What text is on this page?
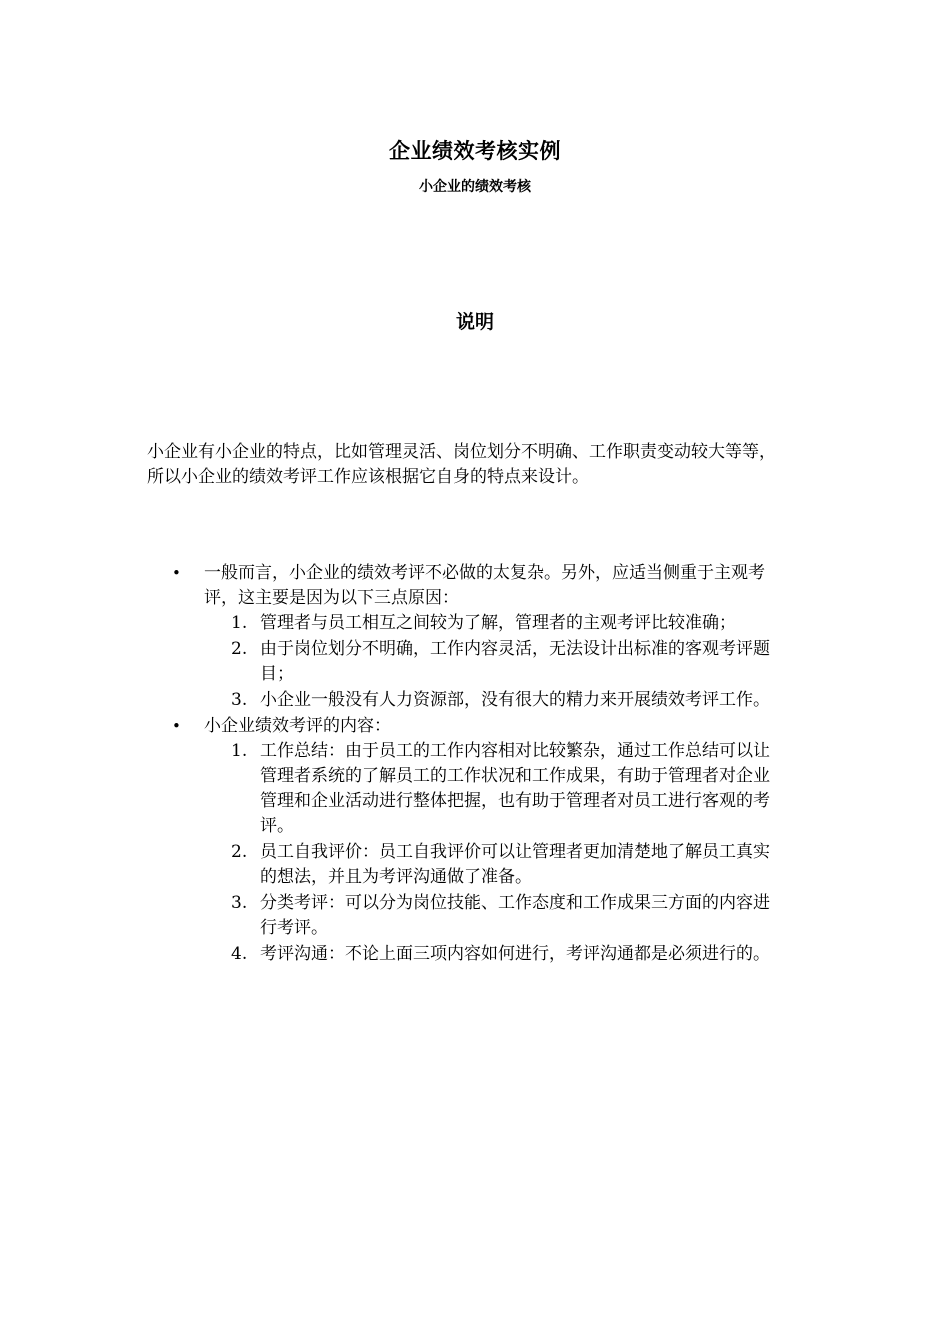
企业绩效考核实例
小企业的绩效考核
说明

小企业有小企业的特点，比如管理灵活、岗位划分不明确、工作职责变动较大等等，所以小企业的绩效考评工作应该根据它自身的特点来设计。

• 一般而言，小企业的绩效考评不必做的太复杂。另外，应适当侧重于主观考评，这主要是因为以下三点原因：
1. 管理者与员工相互之间较为了解，管理者的主观考评比较准确；
2. 由于岗位划分不明确，工作内容灵活，无法设计出标准的客观考评题目；
3. 小企业一般没有人力资源部，没有很大的精力来开展绩效考评工作。
• 小企业绩效考评的内容：
1. 工作总结：由于员工的工作内容相对比较繁杂，通过工作总结可以让管理者系统的了解员工的工作状况和工作成果，有助于管理者对企业管理和企业活动进行整体把握，也有助于管理者对员工进行客观的考评。
2. 员工自我评价：员工自我评价可以让管理者更加清楚地了解员工真实的想法，并且为考评沟通做了准备。
3. 分类考评：可以分为岗位技能、工作态度和工作成果三方面的内容进行考评。
4. 考评沟通：不论上面三项内容如何进行，考评沟通都是必须进行的。
